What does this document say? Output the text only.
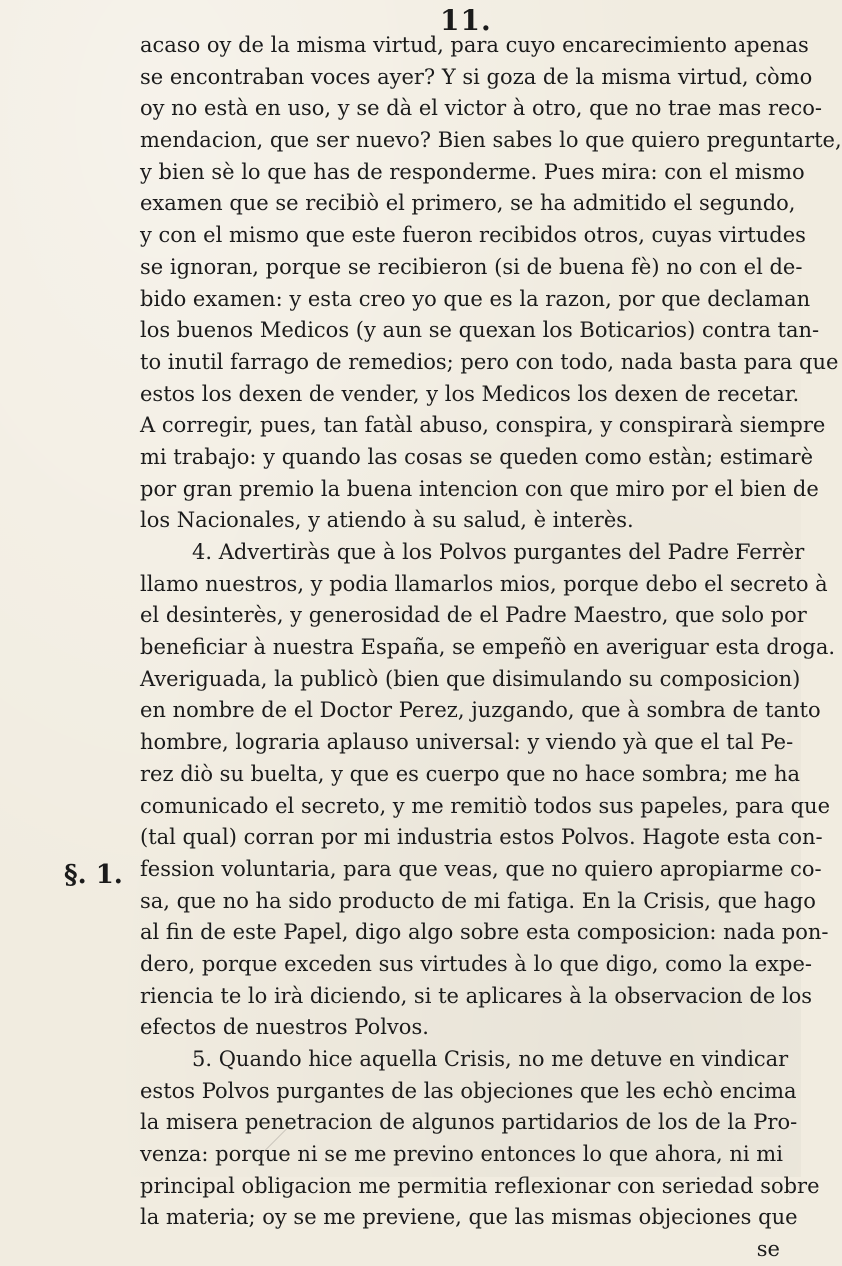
11.
§. 1.
acaso oy de la misma virtud, para cuyo encarecimiento apenas
se encontraban voces ayer? Y si goza de la misma virtud, còmo
oy no està en uso, y se dà el victor à otro, que no trae mas reco-
mendacion, que ser nuevo? Bien sabes lo que quiero preguntarte,
y bien sè lo que has de responderme. Pues mira: con el mismo
examen que se recibiò el primero, se ha admitido el segundo,
y con el mismo que este fueron recibidos otros, cuyas virtudes
se ignoran, porque se recibieron (si de buena fè) no con el de-
bido examen: y esta creo yo que es la razon, por que declaman
los buenos Medicos (y aun se quexan los Boticarios) contra tan-
to inutil farrago de remedios; pero con todo, nada basta para que
estos los dexen de vender, y los Medicos los dexen de recetar.
A corregir, pues, tan fatàl abuso, conspira, y conspirarà siempre
mi trabajo: y quando las cosas se queden como estàn; estimarè
por gran premio la buena intencion con que miro por el bien de
los Nacionales, y atiendo à su salud, è interès.
4. Advertiràs que à los Polvos purgantes del Padre Ferrèr
llamo nuestros, y podia llamarlos mios, porque debo el secreto à
el desinterès, y generosidad de el Padre Maestro, que solo por
beneficiar à nuestra España, se empeñò en averiguar esta droga.
Averiguada, la publicò (bien que disimulando su composicion)
en nombre de el Doctor Perez, juzgando, que à sombra de tanto
hombre, lograria aplauso universal: y viendo yà que el tal Pe-
rez diò su buelta, y que es cuerpo que no hace sombra; me ha
comunicado el secreto, y me remitiò todos sus papeles, para que
(tal qual) corran por mi industria estos Polvos. Hagote esta con-
fession voluntaria, para que veas, que no quiero apropiarme co-
sa, que no ha sido producto de mi fatiga. En la Crisis, que hago
al fin de este Papel, digo algo sobre esta composicion: nada pon-
dero, porque exceden sus virtudes à lo que digo, como la expe-
riencia te lo irà diciendo, si te aplicares à la observacion de los
efectos de nuestros Polvos.
5. Quando hice aquella Crisis, no me detuve en vindicar
estos Polvos purgantes de las objeciones que les echò encima
la misera penetracion de algunos partidarios de los de la Pro-
venza: porque ni se me previno entonces lo que ahora, ni mi
principal obligacion me permitia reflexionar con seriedad sobre
la materia; oy se me previene, que las mismas objeciones que
se
